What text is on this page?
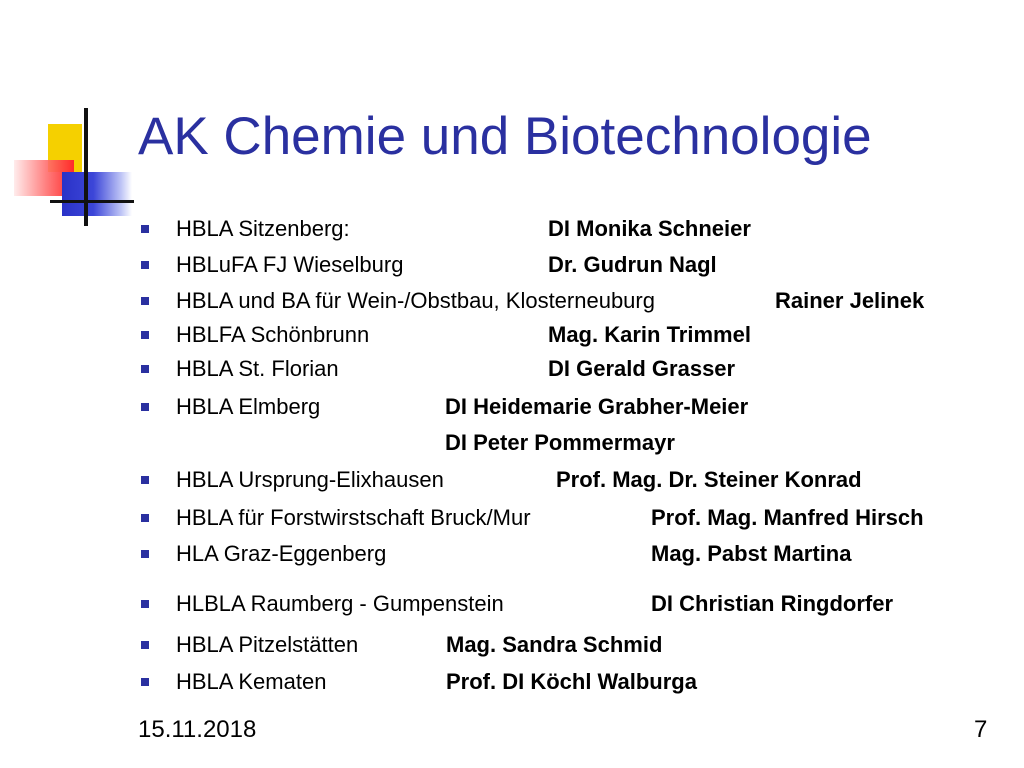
AK Chemie und Biotechnologie
HBLA Sitzenberg:	DI Monika Schneier
HBLuFA FJ Wieselburg	Dr. Gudrun Nagl
HBLA und BA für Wein-/Obstbau, Klosterneuburg	Rainer Jelinek
HBLFA Schönbrunn	Mag. Karin Trimmel
HBLA St. Florian	DI Gerald Grasser
HBLA Elmberg	DI Heidemarie Grabher-Meier
DI Peter Pommermayr
HBLA Ursprung-Elixhausen	Prof. Mag. Dr. Steiner Konrad
HBLA für Forstwirstschaft Bruck/Mur	Prof. Mag. Manfred Hirsch
HLA Graz-Eggenberg	Mag. Pabst Martina
HLBLA Raumberg - Gumpenstein	DI Christian Ringdorfer
HBLA Pitzelstätten	Mag. Sandra Schmid
HBLA Kematen	Prof. DI Köchl Walburga
15.11.2018	7
